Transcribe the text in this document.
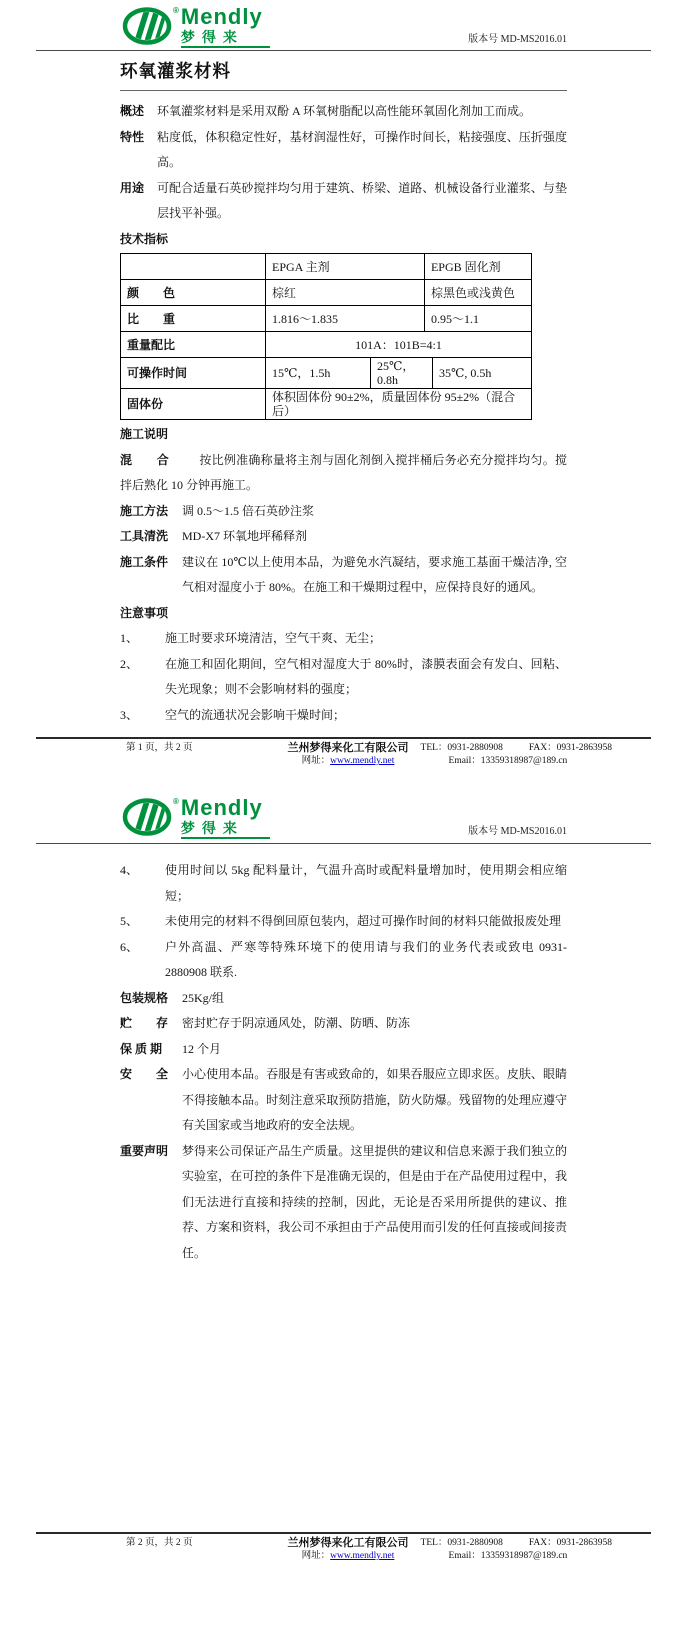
® Mendly
梦得来	版本号 MD-MS2016.01
环氧灌浆材料
概述	环氧灌浆材料是采用双酚 A 环氧树脂配以高性能环氧固化剂加工而成。
特性	粘度低，体积稳定性好，基材润湿性好，可操作时间长，粘接强度、压折强度高。
用途	可配合适量石英砂搅拌均匀用于建筑、桥梁、道路、机械设备行业灌浆、与垫层找平补强。
技术指标
	EPGA 主剂		EPGB 固化剂	
颜　　色	棕红		棕黑色或浅黄色	
比　　重	1.816～1.835		0.95～1.1	
重量配比	101A：101B=4:1			
可操作时间	15℃，1.5h	25℃，0.8h		35℃, 0.5h
固体份	体积固体份 90±2%，质量固体份 95±2%（混合后）			
施工说明

混　　合	按比例准确称量将主剂与固化剂倒入搅拌桶后务必充分搅拌均匀。搅拌后熟化 10 分钟再施工。

施工方法	调 0.5～1.5 倍石英砂注浆
工具清洗	MD-X7 环氧地坪稀释剂
施工条件	建议在 10℃以上使用本品，为避免水汽凝结，要求施工基面干燥洁净, 空气相对湿度小于 80%。在施工和干燥期过程中，应保持良好的通风。
注意事项
1、	施工时要求环境清洁，空气干爽、无尘；
2、	在施工和固化期间，空气相对湿度大于 80%时，漆膜表面会有发白、回粘、失光现象；则不会影响材料的强度；
3、	空气的流通状况会影响干燥时间；
第 1 页，共 2 页	兰州梦得来化工有限公司
网址：www.mendly.net
TEL：0931-2880908	FAX：0931-2863958
Email：13359318987@189.cn
® Mendly
梦得来	版本号 MD-MS2016.01
4、	使用时间以 5kg 配料量计，气温升高时或配料量增加时，使用期会相应缩短；
5、	未使用完的材料不得倒回原包装内，超过可操作时间的材料只能做报废处理
6、	户外高温、严寒等特殊环境下的使用请与我们的业务代表或致电 0931-2880908 联系.
包装规格	25Kg/组
贮　　存	密封贮存于阴凉通风处，防潮、防晒、防冻
保 质 期	12 个月
安　　全	小心使用本品。吞服是有害或致命的，如果吞服应立即求医。皮肤、眼睛不得接触本品。时刻注意采取预防措施，防火防爆。残留物的处理应遵守有关国家或当地政府的安全法规。
重要声明	梦得来公司保证产品生产质量。这里提供的建议和信息来源于我们独立的实验室，在可控的条件下是准确无误的，但是由于在产品使用过程中，我们无法进行直接和持续的控制，因此，无论是否采用所提供的建议、推荐、方案和资料，我公司不承担由于产品使用而引发的任何直接或间接责任。
第 2 页，共 2 页	兰州梦得来化工有限公司
网址：www.mendly.net
TEL：0931-2880908	FAX：0931-2863958
Email：13359318987@189.cn
